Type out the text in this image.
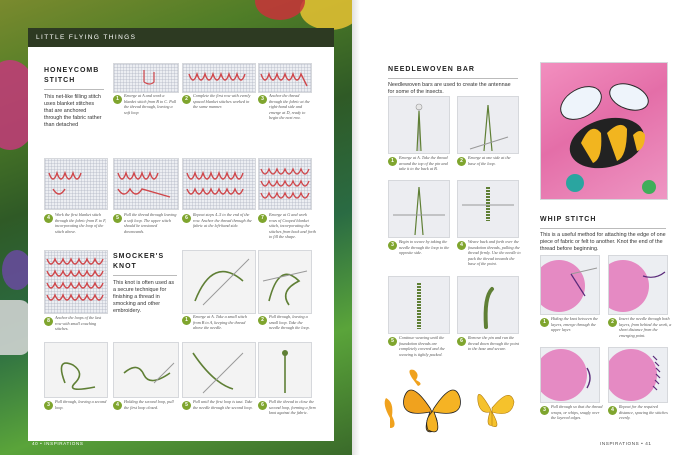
LITTLE FLYING THINGS
HONEYCOMB
STITCH
This net-like filling stitch uses blanket stitches that are anchored through the fabric rather than detached
1
Emerge at A and work a blanket stitch from B to C. Pull the thread through, leaving a soft loop
2
Complete the first row with evenly spaced blanket stitches worked in the same manner.
3
Anchor the thread through the fabric at the right-hand side and emerge at D, ready to begin the next row.
4
Work the first blanket stitch through the fabric from E to F, incorporating the loop of the stitch above.
5
Pull the thread through leaving a soft loop. The upper stitch should be tensioned downwards.
6
Repeat steps 4–5 to the end of the row. Anchor the thread through the fabric at the left-hand side.
7
Emerge at G and work rows of Cooped blanket stitch, incorporating the stitches from back and forth to fill the shape.
8
Anchor the loops of the last row with small couching stitches.
SMOCKER'S KNOT
This knot is often used as a secure technique for finishing a thread in smocking and other embroidery.
1
Emerge at A. Take a small stitch from B to A, keeping the thread above the needle.
2
Pull through, leaving a small loop. Take the needle through the loop.
3
Pull through, leaving a second loop.	4
Holding the second loop, pull the first loop closed.	5
Pull until the first loop is taut. Take the needle through the second loop.	6
Pull the thread to close the second loop, forming a firm knot against the fabric.
40 • INSPIRATIONS
NEEDLEWOVEN BAR
Needlewoven bars are used to create the antennae for some of the insects.
1
Emerge at A. Take the thread around the top of the pin and take it to the back at B.
2
Emerge at one side at the base of the loop.
3
Begin to weave by taking the needle through the loop to the opposite side.
4
Weave back and forth over the foundation threads, pulling the thread firmly. Use the needle to pack the thread towards the base of the point.
5
Continue weaving until the foundation threads are completely covered and the weaving is tightly packed.
6
Remove the pin and run the thread down through the point to the base and secure.
WHIP STITCH
This is a useful method for attaching the edge of one piece of fabric or felt to another. Knot the end of the thread before beginning.
1
Hiding the knot between the layers, emerge through the upper layer.
2
Insert the needle through both layers, from behind the work, a short distance from the emerging point.
3
Pull through so that the thread wraps, or whips, snugly over the layered edges.
4
Repeat for the required distance, spacing the stitches evenly.
INSPIRATIONS • 41
